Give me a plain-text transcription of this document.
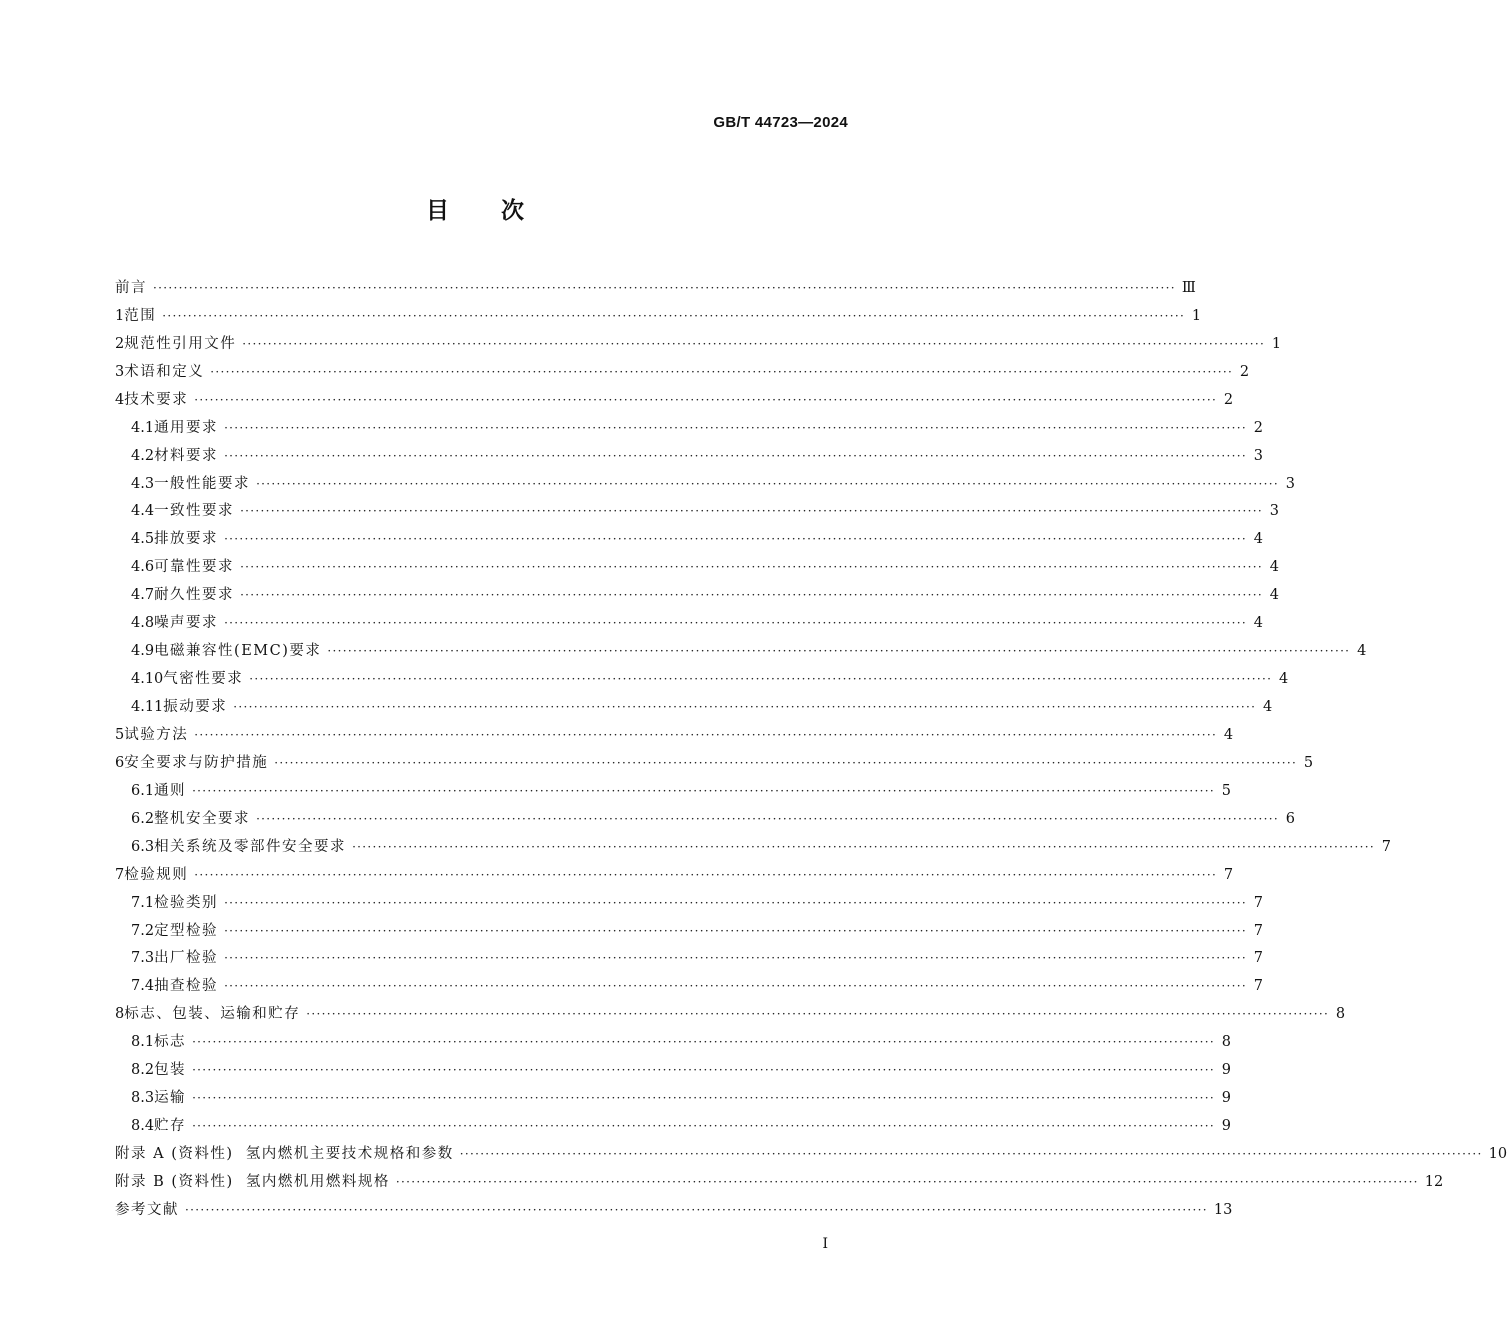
GB/T 44723—2024
目 次
前言 ········································································································································································································ Ⅲ
1 范围 ········································································································································································································ 1
2 规范性引用文件 ········································································································································································································ 1
3 术语和定义 ········································································································································································································ 2
4 技术要求 ········································································································································································································ 2
4.1 通用要求 ········································································································································································································ 2
4.2 材料要求 ········································································································································································································ 3
4.3 一般性能要求 ········································································································································································································ 3
4.4 一致性要求 ········································································································································································································ 3
4.5 排放要求 ········································································································································································································ 4
4.6 可靠性要求 ········································································································································································································ 4
4.7 耐久性要求 ········································································································································································································ 4
4.8 噪声要求 ········································································································································································································ 4
4.9 电磁兼容性(EMC)要求 ········································································································································································································ 4
4.10 气密性要求 ········································································································································································································ 4
4.11 振动要求 ········································································································································································································ 4
5 试验方法 ········································································································································································································ 4
6 安全要求与防护措施 ········································································································································································································ 5
6.1 通则 ········································································································································································································ 5
6.2 整机安全要求 ········································································································································································································ 6
6.3 相关系统及零部件安全要求 ········································································································································································································ 7
7 检验规则 ········································································································································································································ 7
7.1 检验类别 ········································································································································································································ 7
7.2 定型检验 ········································································································································································································ 7
7.3 出厂检验 ········································································································································································································ 7
7.4 抽查检验 ········································································································································································································ 7
8 标志、包装、运输和贮存 ········································································································································································································ 8
8.1 标志 ········································································································································································································ 8
8.2 包装 ········································································································································································································ 9
8.3 运输 ········································································································································································································ 9
8.4 贮存 ········································································································································································································ 9
附录 A (资料性)  氢内燃机主要技术规格和参数 ········································································································································································································ 10
附录 B (资料性)  氢内燃机用燃料规格 ········································································································································································································ 12
参考文献 ········································································································································································································ 13
I
